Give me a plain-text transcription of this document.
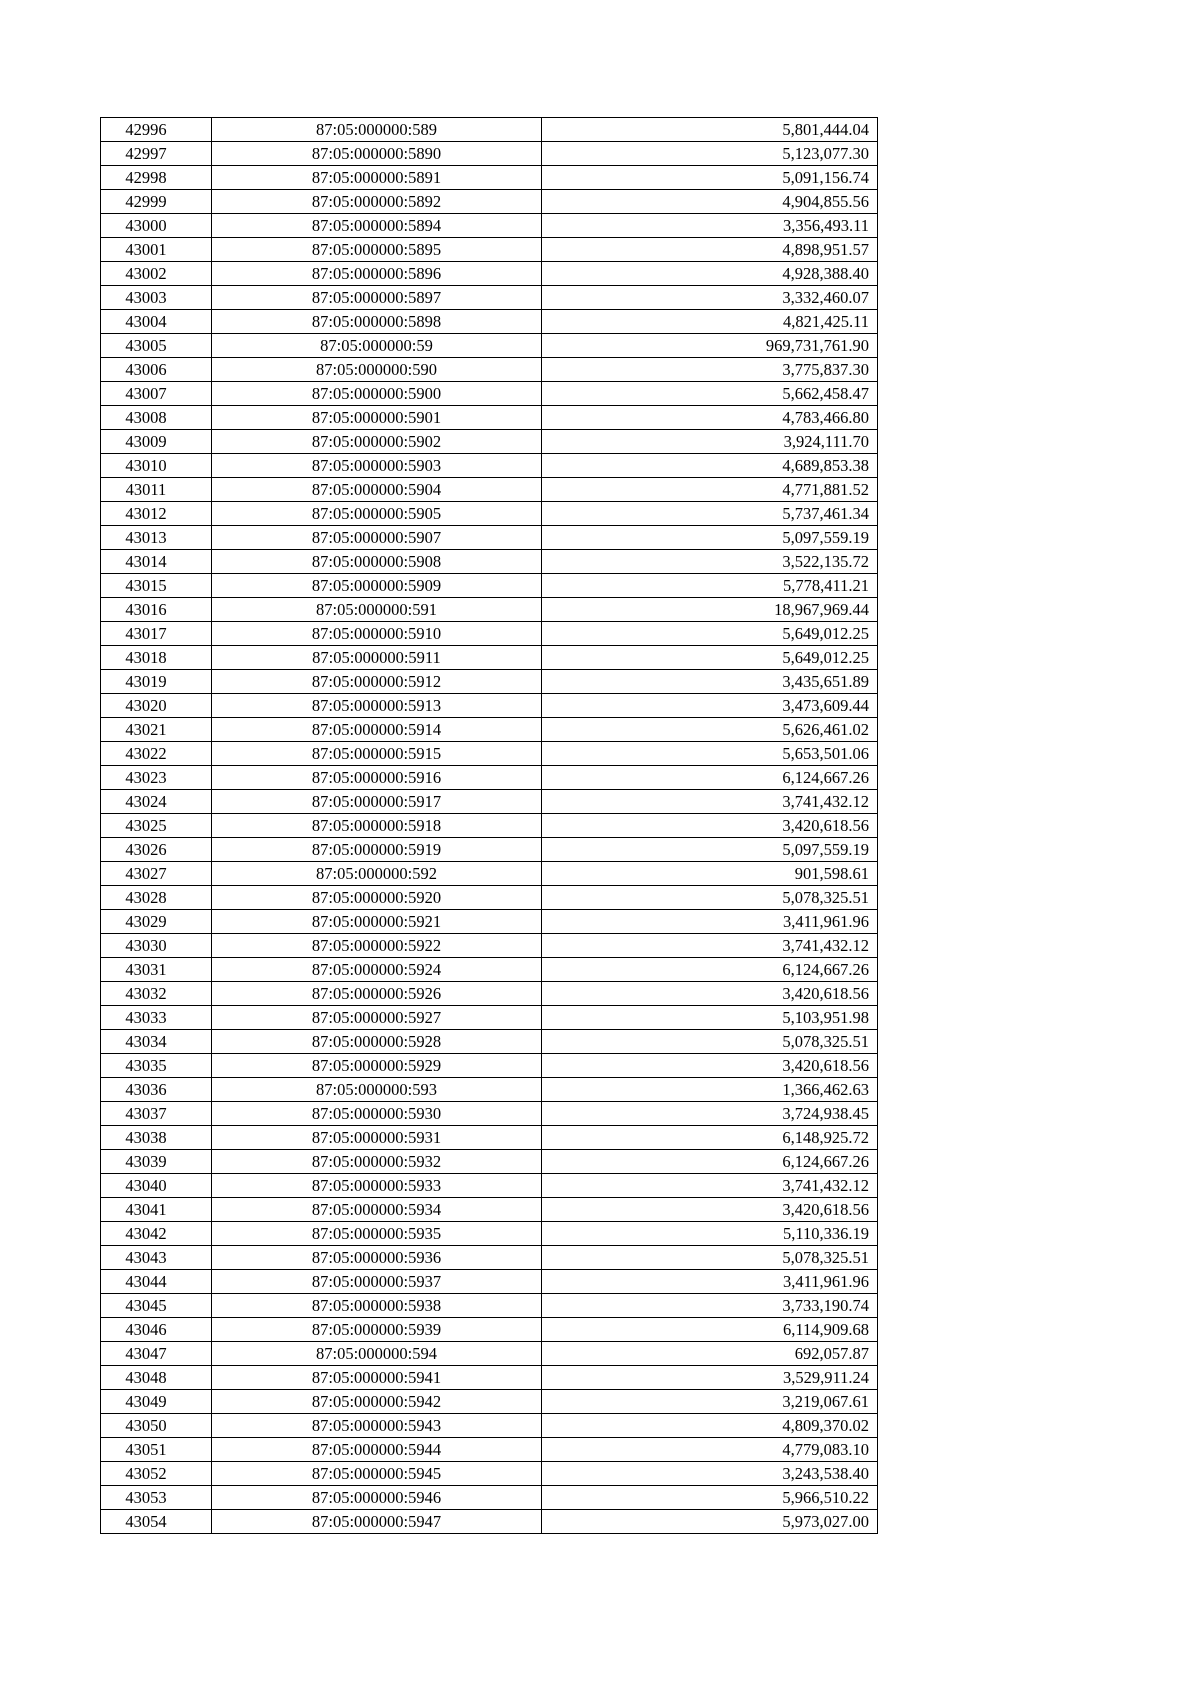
42996	87:05:000000:589	5,801,444.04
42997	87:05:000000:5890	5,123,077.30
42998	87:05:000000:5891	5,091,156.74
42999	87:05:000000:5892	4,904,855.56
43000	87:05:000000:5894	3,356,493.11
43001	87:05:000000:5895	4,898,951.57
43002	87:05:000000:5896	4,928,388.40
43003	87:05:000000:5897	3,332,460.07
43004	87:05:000000:5898	4,821,425.11
43005	87:05:000000:59	969,731,761.90
43006	87:05:000000:590	3,775,837.30
43007	87:05:000000:5900	5,662,458.47
43008	87:05:000000:5901	4,783,466.80
43009	87:05:000000:5902	3,924,111.70
43010	87:05:000000:5903	4,689,853.38
43011	87:05:000000:5904	4,771,881.52
43012	87:05:000000:5905	5,737,461.34
43013	87:05:000000:5907	5,097,559.19
43014	87:05:000000:5908	3,522,135.72
43015	87:05:000000:5909	5,778,411.21
43016	87:05:000000:591	18,967,969.44
43017	87:05:000000:5910	5,649,012.25
43018	87:05:000000:5911	5,649,012.25
43019	87:05:000000:5912	3,435,651.89
43020	87:05:000000:5913	3,473,609.44
43021	87:05:000000:5914	5,626,461.02
43022	87:05:000000:5915	5,653,501.06
43023	87:05:000000:5916	6,124,667.26
43024	87:05:000000:5917	3,741,432.12
43025	87:05:000000:5918	3,420,618.56
43026	87:05:000000:5919	5,097,559.19
43027	87:05:000000:592	901,598.61
43028	87:05:000000:5920	5,078,325.51
43029	87:05:000000:5921	3,411,961.96
43030	87:05:000000:5922	3,741,432.12
43031	87:05:000000:5924	6,124,667.26
43032	87:05:000000:5926	3,420,618.56
43033	87:05:000000:5927	5,103,951.98
43034	87:05:000000:5928	5,078,325.51
43035	87:05:000000:5929	3,420,618.56
43036	87:05:000000:593	1,366,462.63
43037	87:05:000000:5930	3,724,938.45
43038	87:05:000000:5931	6,148,925.72
43039	87:05:000000:5932	6,124,667.26
43040	87:05:000000:5933	3,741,432.12
43041	87:05:000000:5934	3,420,618.56
43042	87:05:000000:5935	5,110,336.19
43043	87:05:000000:5936	5,078,325.51
43044	87:05:000000:5937	3,411,961.96
43045	87:05:000000:5938	3,733,190.74
43046	87:05:000000:5939	6,114,909.68
43047	87:05:000000:594	692,057.87
43048	87:05:000000:5941	3,529,911.24
43049	87:05:000000:5942	3,219,067.61
43050	87:05:000000:5943	4,809,370.02
43051	87:05:000000:5944	4,779,083.10
43052	87:05:000000:5945	3,243,538.40
43053	87:05:000000:5946	5,966,510.22
43054	87:05:000000:5947	5,973,027.00
